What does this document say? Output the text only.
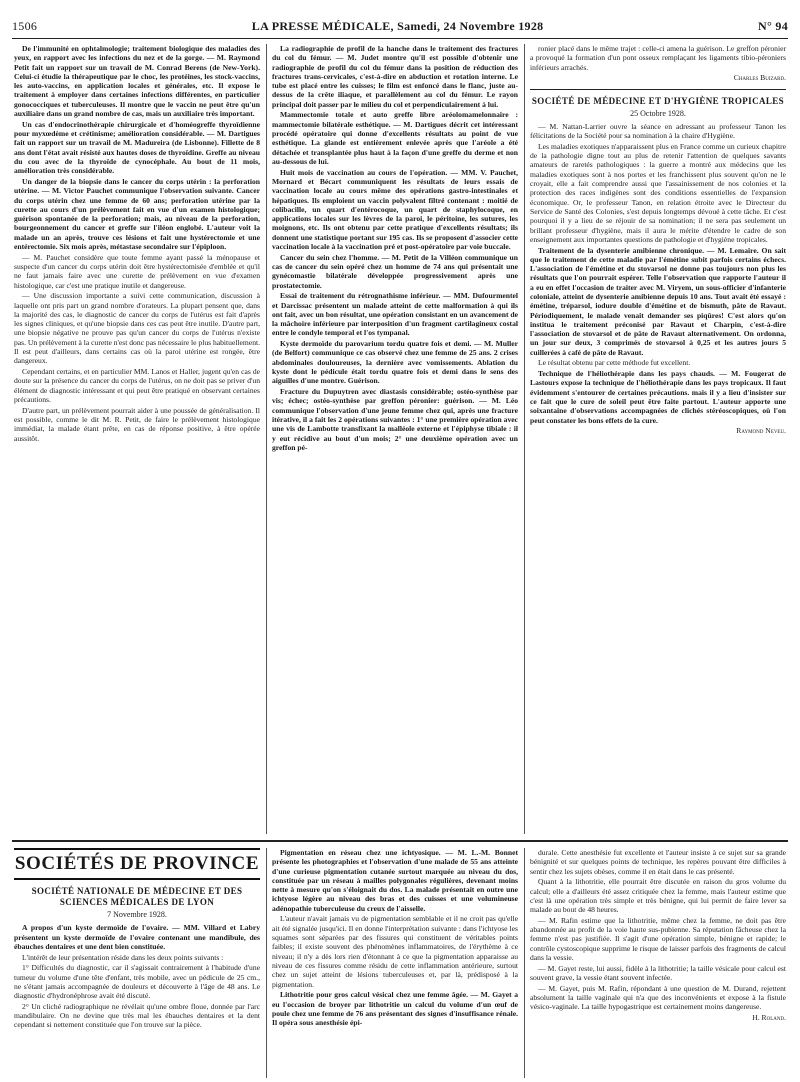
1506	LA PRESSE MÉDICALE, Samedi, 24 Novembre 1928	N° 94

De l'immunité en ophtalmologie; traitement biologique des maladies des yeux, en rapport avec les infections du nez et de la gorge. — M. Raymond Petit fait un rapport sur un travail de M. Conrad Berens (de New-York). Celui-ci étudie la thérapeutique par le choc, les protéines, les stock-vaccins, les auto-vaccins, en application locales et générales, etc. Il expose le traitement à employer dans certaines infections différentes, en particulier gonococciques et tuberculeuses. Il montre que le vaccin ne peut être qu'un auxiliaire dans un grand nombre de cas, mais un auxiliaire très important.

Un cas d'endocrinothérapie chirurgicale et d'homéogreffe thyroïdienne pour myxœdème et crétinisme; amélioration considérable. — M. Dartigues fait un rapport sur un travail de M. Madureira (de Lisbonne). Fillette de 8 ans dont l'état avait résisté aux hautes doses de thyroïdine. Greffe au niveau du cou avec de la thyroïde de cynocéphale. Au bout de 11 mois, amélioration très considérable.

Un danger de la biopsie dans le cancer du corps utérin : la perforation utérine. — M. Victor Pauchet communique l'observation suivante. Cancer du corps utérin chez une femme de 60 ans; perforation utérine par la curette au cours d'un prélèvement fait en vue d'un examen histologique; guérison spontanée de la perforation; mais, au niveau de la perforation, bourgeonnement du cancer et greffe sur l'iléon englobé. L'auteur voit la malade un an après, trouve ces lésions et fait une hystérectomie et une entérectomie. Six mois après, métastase secondaire sur l'épiploon.

— M. Pauchet considère que toute femme ayant passé la ménopause et suspecte d'un cancer du corps utérin doit être hystérectomisée d'emblée et qu'il ne faut jamais faire avec une curette de prélèvement en vue d'examen histologique, car c'est une pratique inutile et dangereuse.

— Une discussion importante a suivi cette communication, discussion à laquelle ont pris part un grand nombre d'orateurs. La plupart pensent que, dans la majorité des cas, le diagnostic de cancer du corps de l'utérus est fait d'après les signes cliniques, et qu'une biopsie dans ces cas peut être inutile. D'autre part, une biopsie négative ne prouve pas qu'un cancer du corps de l'utérus n'existe pas. Un prélèvement à la curette n'est donc pas nécessaire le plus habituellement. Il est peut d'ailleurs, dans certains cas où la paroi utérine est rongée, être dangereux.

Cependant certains, et en particulier MM. Lanos et Haller, jugent qu'en cas de doute sur la présence du cancer du corps de l'utérus, on ne doit pas se priver d'un élément de diagnostic intéressant et qui peut être pratiqué en observant certaines précautions.

D'autre part, un prélèvement pourrait aider à une poussée de généralisation. Il est possible, comme le dit M. R. Petit, de faire le prélèvement histologique immédiat, la malade étant prête, en cas de réponse positive, à être opérée aussitôt.

La radiographie de profil de la hanche dans le traitement des fractures du col du fémur. — M. Judet montre qu'il est possible d'obtenir une radiographie de profil du col du fémur dans la position de réduction des fractures trans-cervicales, c'est-à-dire en abduction et rotation interne. Le tube est placé entre les cuisses; le film est enfoncé dans le flanc, juste au-dessus de la crête iliaque, et parallèlement au col du fémur. Le rayon principal doit passer par le milieu du col et perpendiculairement à lui.

Mammectomie totale et auto greffe libre aréolomamelonnaire : mammectomie bilatérale esthétique. — M. Dartigues décrit cet intéressant procédé opératoire qui donne d'excellents résultats au point de vue esthétique. La glande est entièrement enlevée après que l'aréole a été détachée et transplantée plus haut à la façon d'une greffe du derme et non au-dessous de lui.

Huit mois de vaccination au cours de l'opération. — MM. V. Pauchet, Mornard et Bécart communiquent les résultats de leurs essais de vaccination locale au cours même des opérations gastro-intestinales et hépatiques. Ils emploient un vaccin polyvalent filtré contenant : moitié de colibacille, un quart d'entérocoque, un quart de staphylocoque, en applications locales sur les lèvres de la paroi, le péritoine, les sutures, les moignons, etc. Ils ont obtenu par cette pratique d'excellents résultats; ils donnent une statistique portant sur 195 cas. Ils se proposent d'associer cette vaccination locale à la vaccination pré et post-opératoire par voie buccale.

Cancer du sein chez l'homme. — M. Petit de la Villéon communique un cas de cancer du sein opéré chez un homme de 74 ans qui présentait une gynécomastie bilatérale développée progressivement après une prostatectomie.

Essai de traitement du rétrognathisme inférieur. — MM. Dufourmentel et Darcissac présentent un malade atteint de cette malformation à qui ils ont fait, avec un bon résultat, une opération consistant en un avancement de la mâchoire inférieure par interposition d'un fragment cartilagineux costal entre le condyle temporal et l'os tympanal.

Kyste dermoïde du parovarium tordu quatre fois et demi. — M. Muller (de Belfort) communique ce cas observé chez une femme de 25 ans. 2 crises abdominales douloureuses, la dernière avec vomissements. Ablation du kyste dont le pédicule était tordu quatre fois et demi dans le sens des aiguilles d'une montre. Guérison.

Fracture du Dupuytren avec diastasis considérable; ostéo-synthèse par vis; échec; ostéo-synthèse par greffon péronier: guérison. — M. Léo communique l'observation d'une jeune femme chez qui, après une fracture itérative, il a fait les 2 opérations suivantes : 1° une première opération avec une vis de Lambotte transfixant la malléole externe et l'épiphyse tibiale : il y eut récidive au bout d'un mois; 2° une deuxième opération avec un greffon pé-

ronier placé dans le même trajet : celle-ci amena la guérison. Le greffon péronier a provoqué la formation d'un pont osseux remplaçant les ligaments tibio-péroniers inférieurs arrachés.

Charles Buizard.

SOCIÉTÉ DE MÉDECINE ET D'HYGIÈNE TROPICALES

25 Octobre 1928.

— M. Nattan-Larrier ouvre la séance en adressant au professeur Tanon les félicitations de la Société pour sa nomination à la chaire d'Hygiène.

Les maladies exotiques n'apparaissent plus en France comme un curieux chapitre de la pathologie digne tout au plus de retenir l'attention de quelques savants amateurs de raretés pathologiques : la guerre a montré aux médecins que les maladies exotiques sont à nos portes et les franchissent plus souvent qu'on ne le croyait, elle a fait comprendre aussi que l'assainissement de nos colonies et la protection des races indigènes sont des conditions essentielles de l'expansion économique. Or, le professeur Tanon, en relation étroite avec le Directeur du Service de Santé des Colonies, s'est depuis longtemps dévoué à cette tâche. Et c'est pourquoi il y a lieu de se réjouir de sa nomination; il ne sera pas seulement un brillant professeur d'hygiène, mais il aura le mérite d'étendre le cadre de son enseignement aux importantes questions de pathologie et d'hygiène tropicales.

Traitement de la dysenterie amibienne chronique. — M. Lemaire. On sait que le traitement de cette maladie par l'émétine subit parfois certains échecs. L'association de l'émétine et du stovarsol ne donne pas toujours non plus les résultats que l'on pourrait espérer. Telle l'observation que rapporte l'auteur il a eu en effet l'occasion de traiter avec M. Viryem, un sous-officier d'infanterie coloniale, atteint de dysenterie amibienne depuis 10 ans. Tout avait été essayé : émétine, tréparsol, iodure double d'émétine et de bismuth, pâte de Ravaut. Périodiquement, le malade venait demander ses piqûres! C'est alors qu'on institua le traitement préconisé par Ravaut et Charpin, c'est-à-dire l'association de stovarsol et de pâte de Ravaut alternativement. On ordonna, un jour sur deux, 3 comprimés de stovarsol à 0,25 et les autres jours 5 cuillerées à café de pâte de Ravaut.

Le résultat obtenu par cette méthode fut excellent.

Technique de l'héliothérapie dans les pays chauds. — M. Fougerat de Lastours expose la technique de l'héliothérapie dans les pays tropicaux. Il faut évidemment s'entourer de certaines précautions. mais il y a lieu d'insister sur ce fait que le cure de soleil peut être faite partout. L'auteur apporte une soixantaine d'observations accompagnées de clichés stéréoscopiques, où l'on peut constater les bons effets de la cure.

Raymond Neveu.

SOCIÉTÉS DE PROVINCE
SOCIÉTÉ NATIONALE DE MÉDECINE ET DES SCIENCES MÉDICALES DE LYON

7 Novembre 1928.

A propos d'un kyste dermoïde de l'ovaire. — MM. Villard et Labry présentent un kyste dermoïde de l'ovaire contenant une mandibule, des ébauches dentaires et une dent bien constituée.

L'intérêt de leur présentation réside dans les deux points suivants :

1° Difficultés du diagnostic, car il s'agissait contrairement à l'habitude d'une tumeur du volume d'une tête d'enfant, très mobile, avec un pédicule de 25 cm., ne s'étant jamais accompagnée de douleurs et découverte à l'âge de 48 ans. Le diagnostic d'hydronéphrose avait été discuté.

2° Un cliché radiographique ne révélait qu'une ombre floue, donnée par l'arc mandibulaire. On ne devine que très mal les ébauches dentaires et la dent cependant si nettement constituée que l'on trouve sur la pièce.

Pigmentation en réseau chez une ichtyosique. — M. L.-M. Bonnet présente les photographies et l'observation d'une malade de 55 ans atteinte d'une curieuse pigmentation cutanée surtout marquée au niveau du dos, constituée par un réseau à mailles polygonales régulières, devenant moins nette à mesure qu'on s'éloignait du dos. La malade présentait en outre une ichtyose légère au niveau des bras et des cuisses et une volumineuse adénopathie tuberculeuse du creux de l'aisselle.

L'auteur n'avait jamais vu de pigmentation semblable et il ne croit pas qu'elle ait été signalée jusqu'ici. Il en donne l'interprétation suivante : dans l'ichtyose les squames sont séparées par des fissures qui constituent de véritables points faibles; il existe souvent des phénomènes inflammatoires, de l'érythème à ce niveau; il n'y a dès lors rien d'étonnant à ce que la pigmentation apparaisse au niveau de ces fissures comme résidu de cette inflammation antérieure, surtout chez un sujet atteint de lésions tuberculeuses et, par là, prédisposé à la pigmentation.

Lithotritie pour gros calcul vésical chez une femme âgée. — M. Gayet a eu l'occasion de broyer par lithotritie un calcul du volume d'un œuf de poule chez une femme de 76 ans présentant des signes d'insuffisance rénale. Il opéra sous anesthésie épi-

durale. Cette anesthésie fut excellente et l'auteur insiste à ce sujet sur sa grande bénignité et sur quelques points de technique, les repères pouvant être difficiles à sentir chez les sujets obèses, comme il en était dans le cas présenté.

Quant à la lithotritie, elle pourrait être discutée en raison du gros volume du calcul; elle a d'ailleurs été assez critiquée chez la femme, mais l'auteur estime que c'est là une opération très simple et très bénigne, qui lui permit de faire lever sa malade au bout de 48 heures.

— M. Rafin estime que la lithotritie, même chez la femme, ne doit pas être abandonnée au profit de la voie haute sus-pubienne. Sa réputation fâcheuse chez la femme n'est pas justifiée. Il s'agit d'une opération simple, bénigne et rapide; le contrôle cystoscopique supprime le risque de laisser parfois des fragments de calcul dans la vessie.

— M. Gayet reste, lui aussi, fidèle à la lithotritie; la taille vésicale pour calcul est souvent grave, la vessie étant souvent infectée.

— M. Gayet, puis M. Rafin, répondant à une question de M. Durand, rejettent absolument la taille vaginale qui n'a que des inconvénients et expose à la fistule vésico-vaginale. La taille hypogastrique est certainement moins dangereuse.

H. Roland.
